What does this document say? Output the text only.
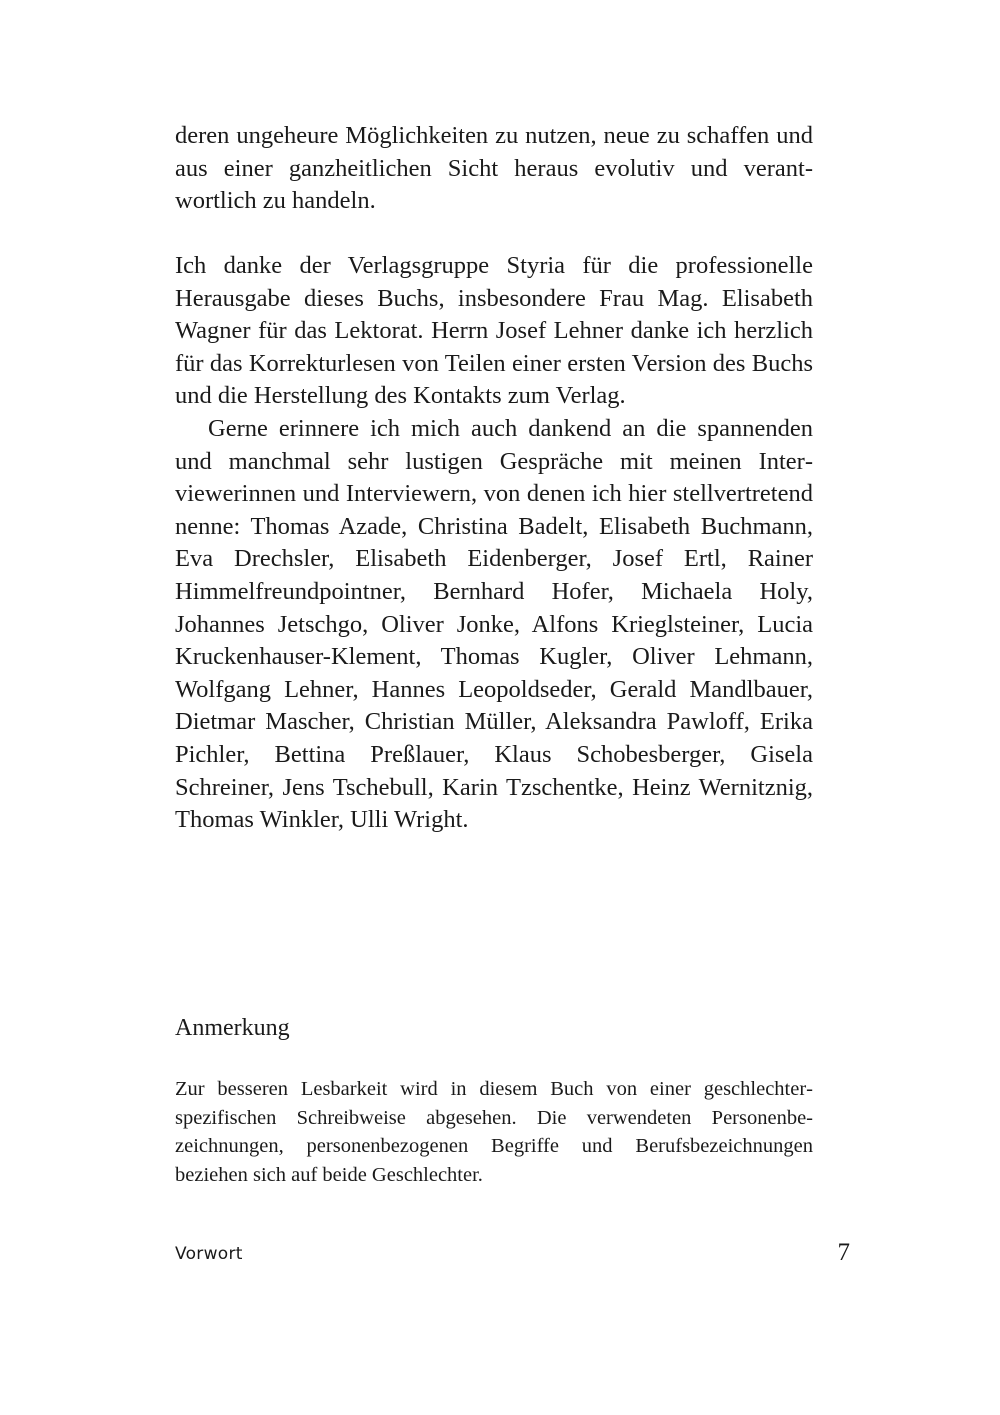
deren ungeheure Möglichkeiten zu nutzen, neue zu schaffen und aus einer ganzheitlichen Sicht heraus evolutiv und verantwortlich zu handeln.

Ich danke der Verlagsgruppe Styria für die professionelle Herausgabe dieses Buchs, insbesondere Frau Mag. Elisabeth Wagner für das Lektorat. Herrn Josef Lehner danke ich herzlich für das Korrekturlesen von Teilen einer ersten Version des Buchs und die Herstellung des Kontakts zum Verlag.

Gerne erinnere ich mich auch dankend an die spannenden und manchmal sehr lustigen Gespräche mit meinen Interviewerinnen und Interviewern, von denen ich hier stellvertretend nenne: Thomas Azade, Christina Badelt, Elisabeth Buchmann, Eva Drechsler, Elisabeth Eidenberger, Josef Ertl, Rainer Himmelfreundpointner, Bernhard Hofer, Michaela Holy, Johannes Jetschgo, Oliver Jonke, Alfons Krieglsteiner, Lucia Kruckenhauser-Klement, Thomas Kugler, Oliver Lehmann, Wolfgang Lehner, Hannes Leopoldseder, Gerald Mandlbauer, Dietmar Mascher, Christian Müller, Aleksandra Pawloff, Erika Pichler, Bettina Preßlauer, Klaus Schobesberger, Gisela Schreiner, Jens Tschebull, Karin Tzschentke, Heinz Wernitznig, Thomas Winkler, Ulli Wright.

Anmerkung

Zur besseren Lesbarkeit wird in diesem Buch von einer geschlechterspezifischen Schreibweise abgesehen. Die verwendeten Personenbezeichnungen, personenbezogenen Begriffe und Berufsbezeichnungen beziehen sich auf beide Geschlechter.

Vorwort	7
